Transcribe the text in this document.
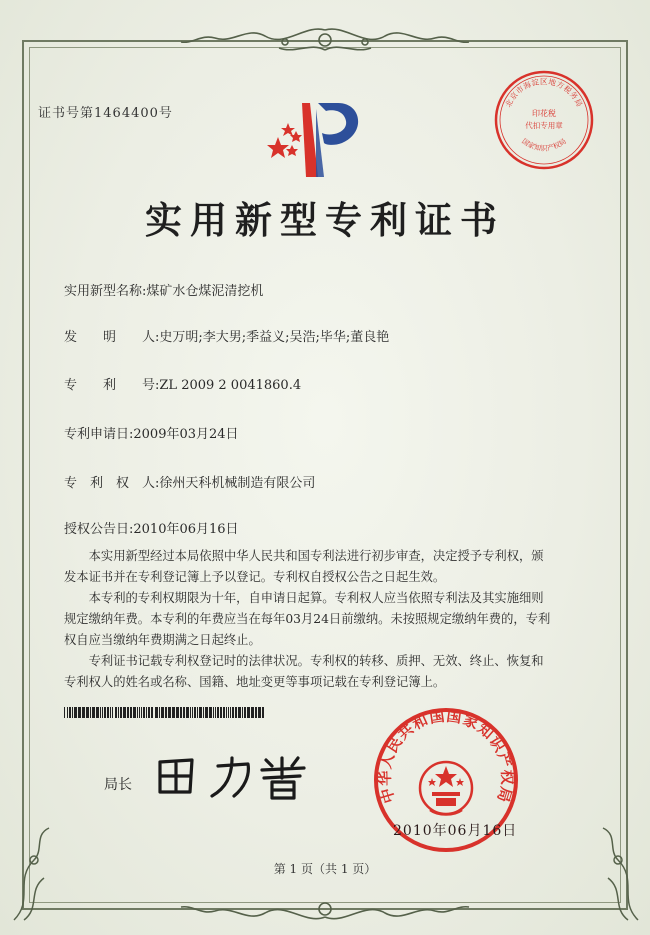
证书号第1464400号
北京市海淀区地方税务局
印花税
代扣专用章
国家知识产权局
实用新型专利证书
实用新型名称:煤矿水仓煤泥清挖机
发　　明　　人:史万明;李大男;季益义;吴浩;毕华;董良艳
专　　利　　号:ZL 2009 2 0041860.4
专利申请日:2009年03月24日
专　利　权　人:徐州天科机械制造有限公司
授权公告日:2010年06月16日

本实用新型经过本局依照中华人民共和国专利法进行初步审查，决定授予专利权，颁发本证书并在专利登记簿上予以登记。专利权自授权公告之日起生效。

本专利的专利权期限为十年，自申请日起算。专利权人应当依照专利法及其实施细则规定缴纳年费。本专利的年费应当在每年03月24日前缴纳。未按照规定缴纳年费的，专利权自应当缴纳年费期满之日起终止。

专利证书记载专利权登记时的法律状况。专利权的转移、质押、无效、终止、恢复和专利权人的姓名或名称、国籍、地址变更等事项记载在专利登记簿上。

局长	中华人民共和国国家知识产权局
2010年06月16日
第 1 页（共 1 页）
